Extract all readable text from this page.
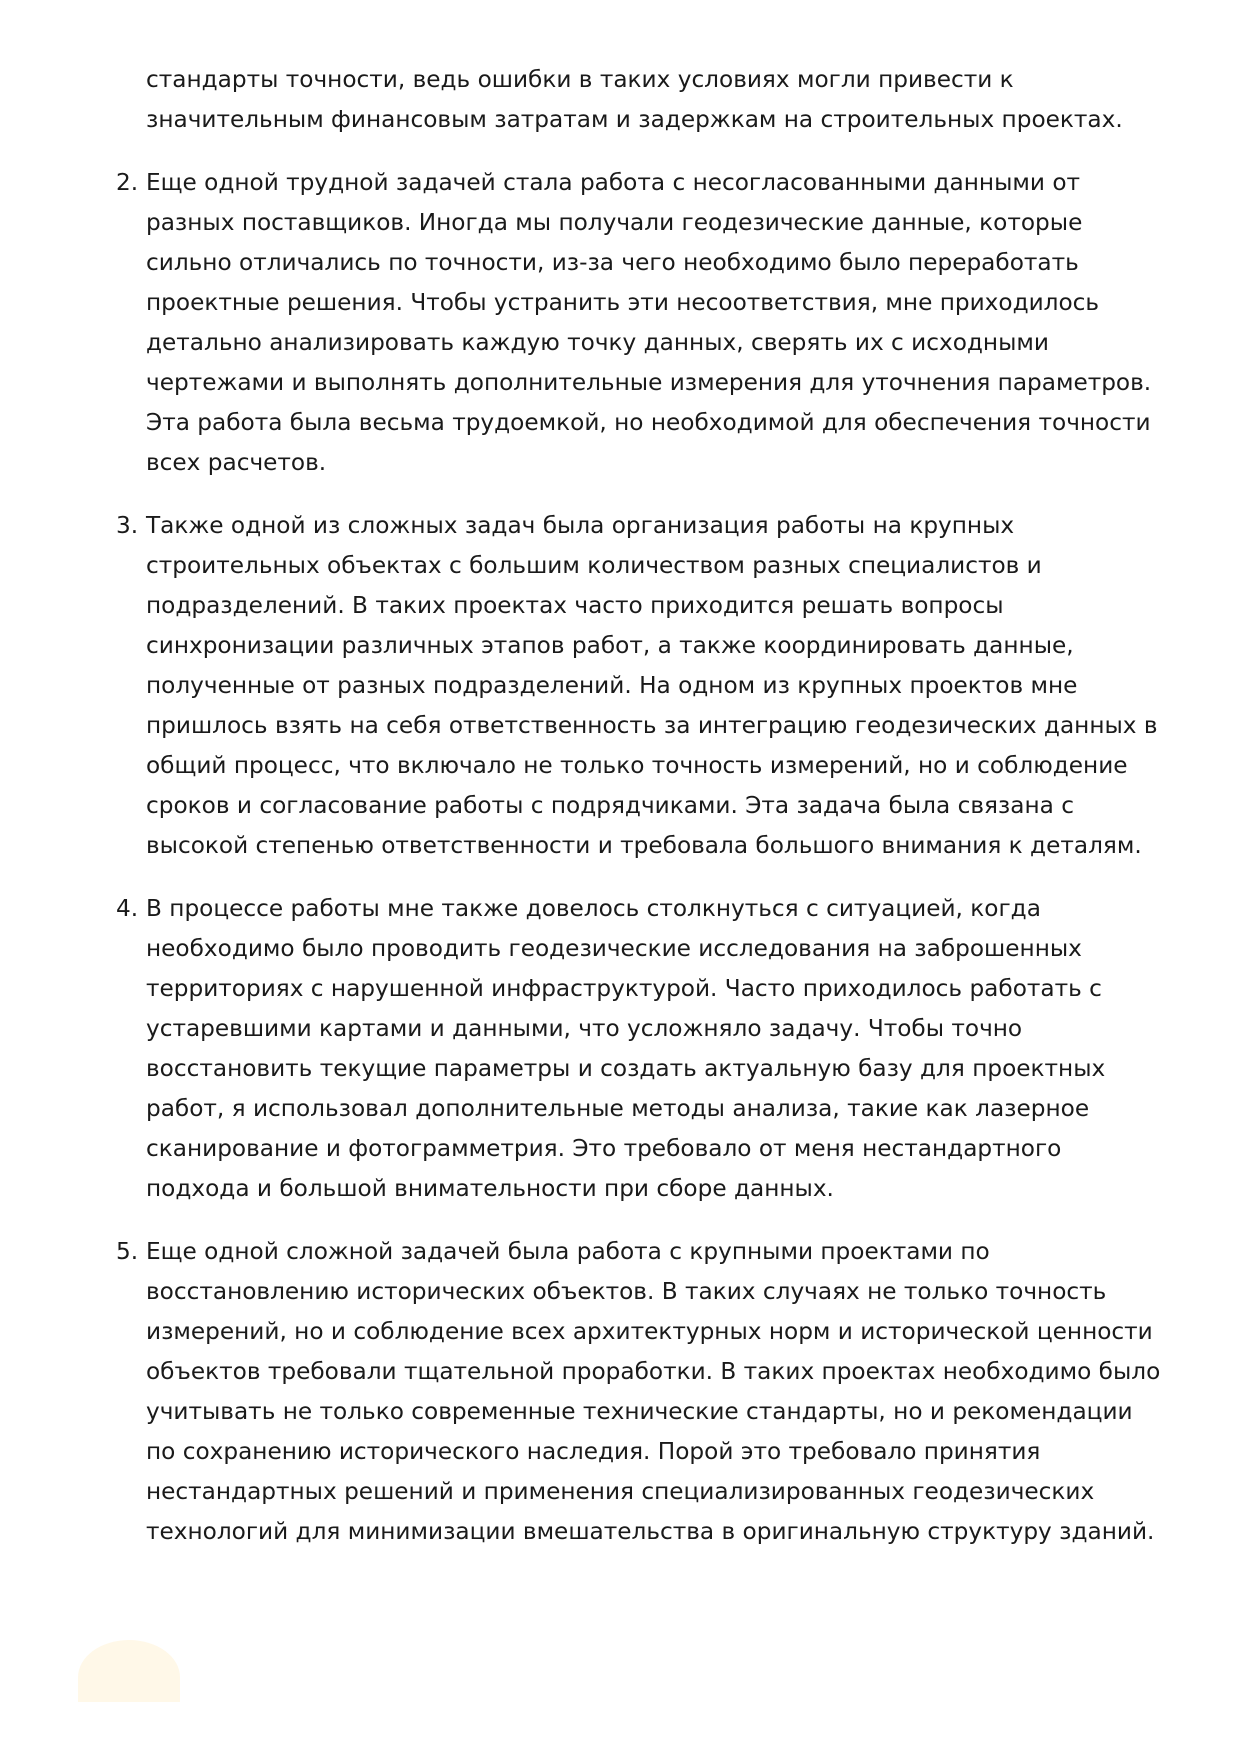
стандарты точности, ведь ошибки в таких условиях могли привести к значительным финансовым затратам и задержкам на строительных проектах.

2. Еще одной трудной задачей стала работа с несогласованными данными от разных поставщиков. Иногда мы получали геодезические данные, которые сильно отличались по точности, из-за чего необходимо было переработать проектные решения. Чтобы устранить эти несоответствия, мне приходилось детально анализировать каждую точку данных, сверять их с исходными чертежами и выполнять дополнительные измерения для уточнения параметров. Эта работа была весьма трудоемкой, но необходимой для обеспечения точности всех расчетов.

3. Также одной из сложных задач была организация работы на крупных строительных объектах с большим количеством разных специалистов и подразделений. В таких проектах часто приходится решать вопросы синхронизации различных этапов работ, а также координировать данные, полученные от разных подразделений. На одном из крупных проектов мне пришлось взять на себя ответственность за интеграцию геодезических данных в общий процесс, что включало не только точность измерений, но и соблюдение сроков и согласование работы с подрядчиками. Эта задача была связана с высокой степенью ответственности и требовала большого внимания к деталям.

4. В процессе работы мне также довелось столкнуться с ситуацией, когда необходимо было проводить геодезические исследования на заброшенных территориях с нарушенной инфраструктурой. Часто приходилось работать с устаревшими картами и данными, что усложняло задачу. Чтобы точно восстановить текущие параметры и создать актуальную базу для проектных работ, я использовал дополнительные методы анализа, такие как лазерное сканирование и фотограмметрия. Это требовало от меня нестандартного подхода и большой внимательности при сборе данных.

5. Еще одной сложной задачей была работа с крупными проектами по восстановлению исторических объектов. В таких случаях не только точность измерений, но и соблюдение всех архитектурных норм и исторической ценности объектов требовали тщательной проработки. В таких проектах необходимо было учитывать не только современные технические стандарты, но и рекомендации по сохранению исторического наследия. Порой это требовало принятия нестандартных решений и применения специализированных геодезических технологий для минимизации вмешательства в оригинальную структуру зданий.
